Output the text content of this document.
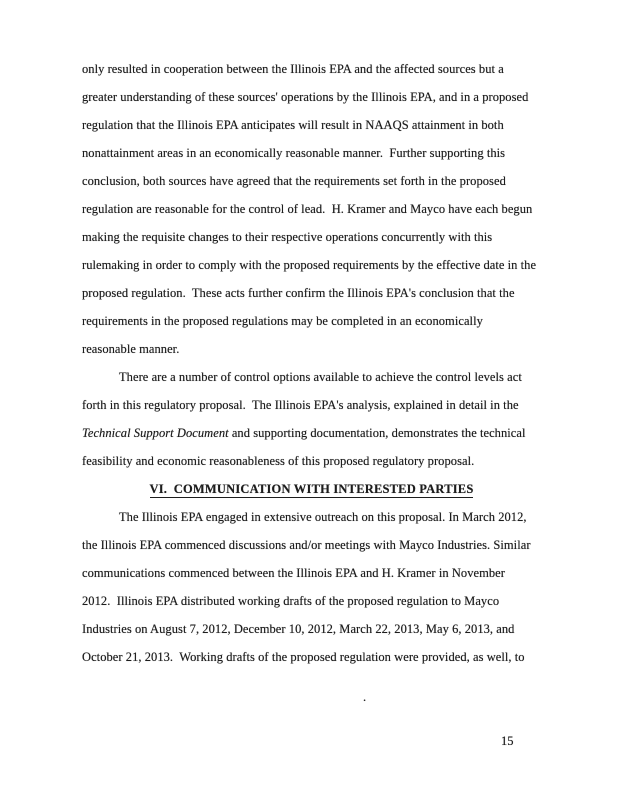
only resulted in cooperation between the Illinois EPA and the affected sources but a
greater understanding of these sources' operations by the Illinois EPA, and in a proposed
regulation that the Illinois EPA anticipates will result in NAAQS attainment in both
nonattainment areas in an economically reasonable manner.  Further supporting this
conclusion, both sources have agreed that the requirements set forth in the proposed
regulation are reasonable for the control of lead.  H. Kramer and Mayco have each begun
making the requisite changes to their respective operations concurrently with this
rulemaking in order to comply with the proposed requirements by the effective date in the
proposed regulation.  These acts further confirm the Illinois EPA's conclusion that the
requirements in the proposed regulations may be completed in an economically
reasonable manner.
There are a number of control options available to achieve the control levels act
forth in this regulatory proposal.  The Illinois EPA's analysis, explained in detail in the
Technical Support Document and supporting documentation, demonstrates the technical
feasibility and economic reasonableness of this proposed regulatory proposal.
VI.  COMMUNICATION WITH INTERESTED PARTIES
The Illinois EPA engaged in extensive outreach on this proposal. In March 2012,
the Illinois EPA commenced discussions and/or meetings with Mayco Industries. Similar
communications commenced between the Illinois EPA and H. Kramer in November
2012.  Illinois EPA distributed working drafts of the proposed regulation to Mayco
Industries on August 7, 2012, December 10, 2012, March 22, 2013, May 6, 2013, and
October 21, 2013.  Working drafts of the proposed regulation were provided, as well, to
.
15
